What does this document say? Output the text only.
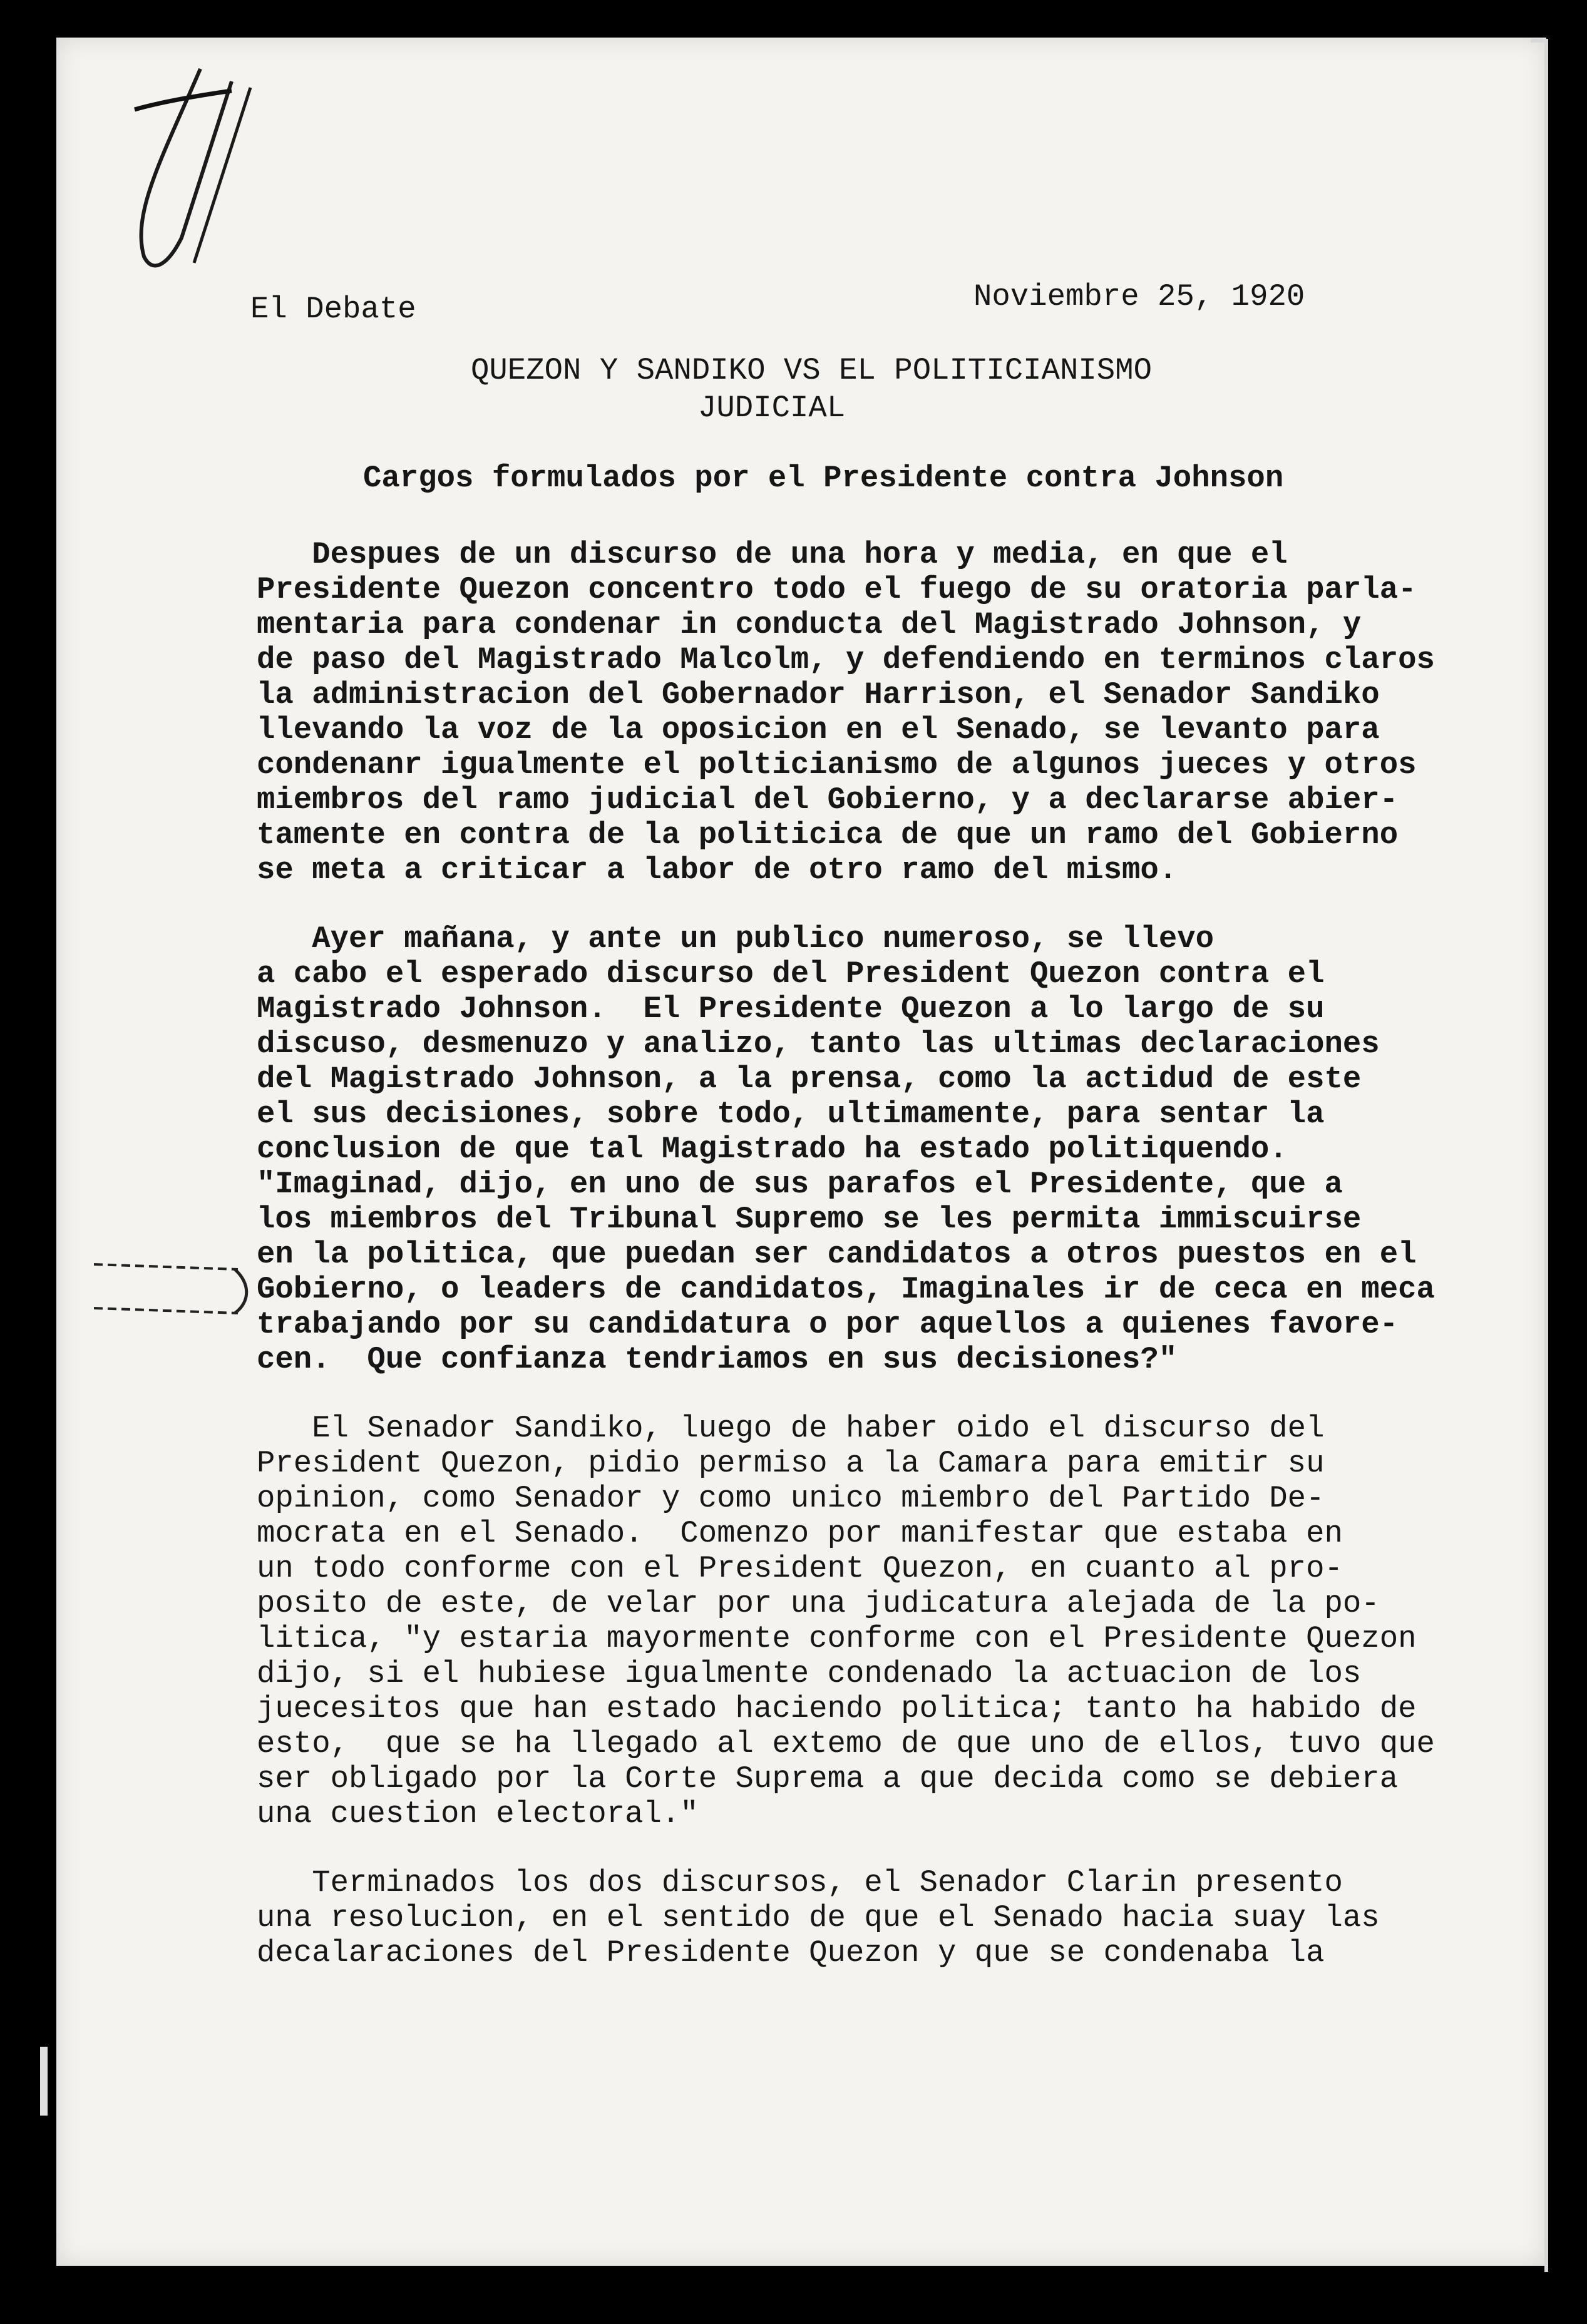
El Debate	Noviembre 25, 1920
QUEZON Y SANDIKO VS EL POLITICIANISMO
JUDICIAL
Cargos formulados por el Presidente contra Johnson
Despues de un discurso de una hora y media, en que el
Presidente Quezon concentro todo el fuego de su oratoria parla-
mentaria para condenar in conducta del Magistrado Johnson, y
de paso del Magistrado Malcolm, y defendiendo en terminos claros
la administracion del Gobernador Harrison, el Senador Sandiko
llevando la voz de la oposicion en el Senado, se levanto para
condenanr igualmente el polticianismo de algunos jueces y otros
miembros del ramo judicial del Gobierno, y a declararse abier-
tamente en contra de la politicica de que un ramo del Gobierno
se meta a criticar a labor de otro ramo del mismo.
Ayer mañana, y ante un publico numeroso, se llevo
a cabo el esperado discurso del President Quezon contra el
Magistrado Johnson.  El Presidente Quezon a lo largo de su
discuso, desmenuzo y analizo, tanto las ultimas declaraciones
del Magistrado Johnson, a la prensa, como la actidud de este
el sus decisiones, sobre todo, ultimamente, para sentar la
conclusion de que tal Magistrado ha estado politiquendo.
"Imaginad, dijo, en uno de sus parafos el Presidente, que a
los miembros del Tribunal Supremo se les permita immiscuirse
en la politica, que puedan ser candidatos a otros puestos en el
Gobierno, o leaders de candidatos, Imaginales ir de ceca en meca
trabajando por su candidatura o por aquellos a quienes favore-
cen.  Que confianza tendriamos en sus decisiones?"
El Senador Sandiko, luego de haber oido el discurso del
President Quezon, pidio permiso a la Camara para emitir su
opinion, como Senador y como unico miembro del Partido De-
mocrata en el Senado.  Comenzo por manifestar que estaba en
un todo conforme con el President Quezon, en cuanto al pro-
posito de este, de velar por una judicatura alejada de la po-
litica, "y estaria mayormente conforme con el Presidente Quezon
dijo, si el hubiese igualmente condenado la actuacion de los
juecesitos que han estado haciendo politica; tanto ha habido de
esto,  que se ha llegado al extemo de que uno de ellos, tuvo que
ser obligado por la Corte Suprema a que decida como se debiera
una cuestion electoral."
Terminados los dos discursos, el Senador Clarin presento
una resolucion, en el sentido de que el Senado hacia suay las
decalaraciones del Presidente Quezon y que se condenaba la
